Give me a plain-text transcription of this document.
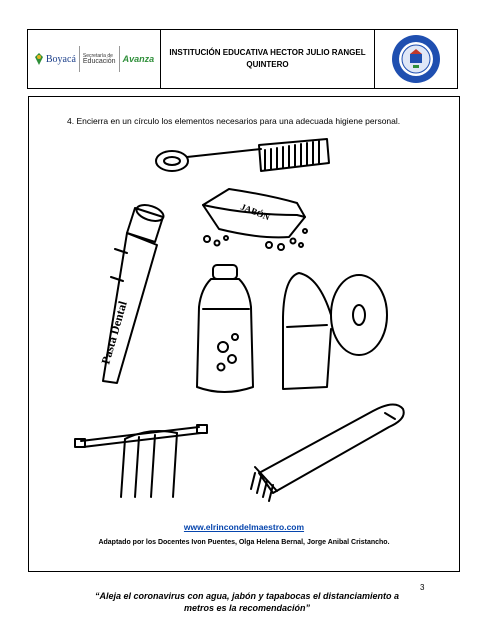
Boyacá Secretaría de
Educación Avanza
INSTITUCIÓN EDUCATIVA HECTOR JULIO RANGEL
QUINTERO
4. Encierra en un círculo los elementos necesarios para una adecuada higiene personal.
JABÓN
Pasta Dental
www.elrincondelmaestro.com
Adaptado por los Docentes Ivon Puentes, Olga Helena Bernal, Jorge Anibal Cristancho.
3
“Aleja el coronavirus con agua, jabón y tapabocas el distanciamiento a
metros es la recomendación”
